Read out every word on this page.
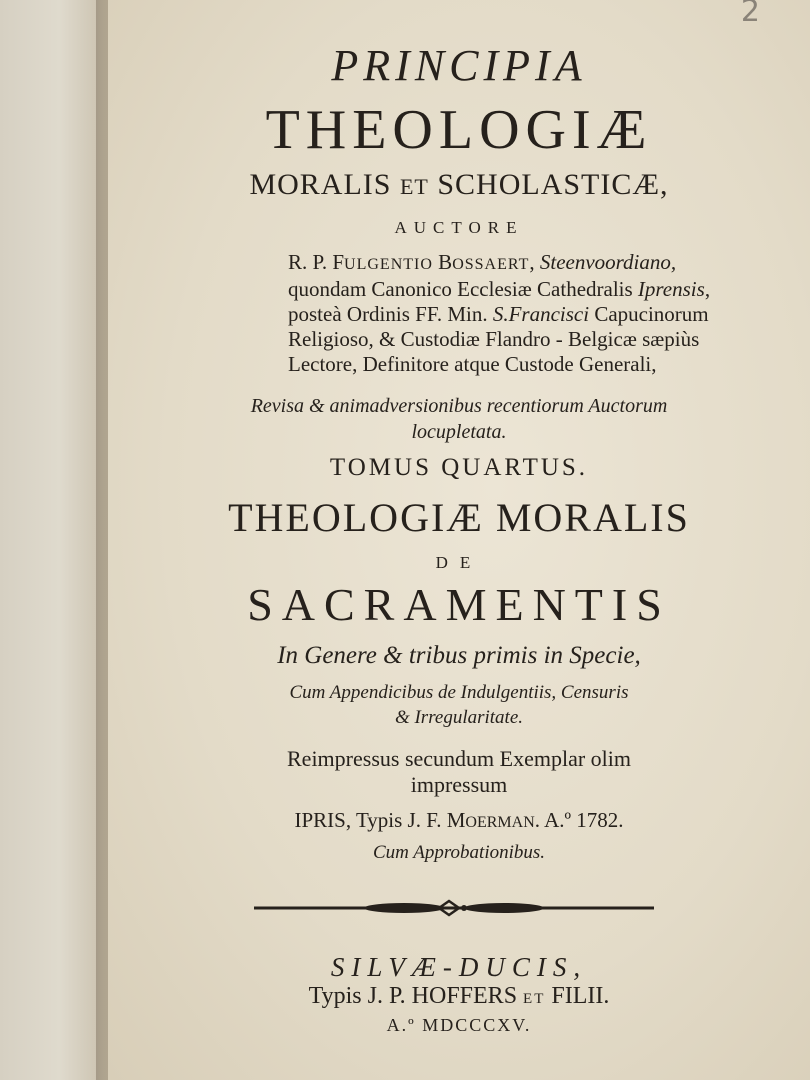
2
PRINCIPIA
THEOLOGIÆ
MORALIS ET SCHOLASTICÆ,
AUCTORE
R. P. FULGENTIO BOSSAERT, Steenvoordiano,
quondam Canonico Ecclesiæ Cathedralis Iprensis,
posteà Ordinis FF. Min. S.Francisci Capucinorum
Religioso, & Custodiæ Flandro - Belgicæ sæpiùs
Lectore, Definitore atque Custode Generali,
Revisa & animadversionibus recentiorum Auctorum
locupletata.
TOMUS QUARTUS.
THEOLOGIÆ MORALIS
DE
SACRAMENTIS
In Genere & tribus primis in Specie,
Cum Appendicibus de Indulgentiis, Censuris
& Irregularitate.
Reimpressus secundum Exemplar olim
impressum
IPRIS, Typis J. F. MOERMAN. A.º 1782.
Cum Approbationibus.
SILVÆ-DUCIS,
Typis J. P. HOFFERS ET FILII.
A.º MDCCCXV.
